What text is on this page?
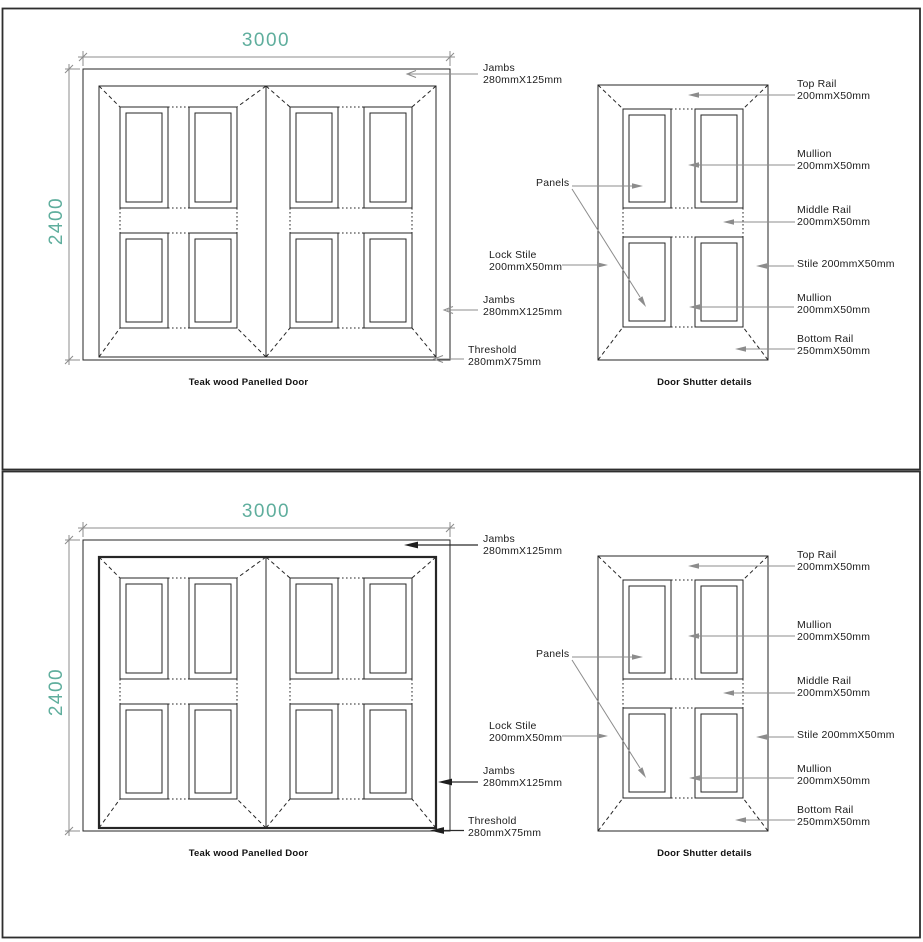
3000
2400
Jambs
280mmX125mm
Jambs
280mmX125mm
Threshold
280mmX75mm
Top Rail
200mmX50mm
Mullion
200mmX50mm
Middle Rail
200mmX50mm
Stile 200mmX50mm
Mullion
200mmX50mm
Bottom Rail
250mmX50mm
Panels
Lock Stile
200mmX50mm
Teak wood Panelled Door	Door Shutter details
3000
2400
Jambs
280mmX125mm
Jambs
280mmX125mm
Threshold
280mmX75mm
Top Rail
200mmX50mm
Mullion
200mmX50mm
Middle Rail
200mmX50mm
Stile 200mmX50mm
Mullion
200mmX50mm
Bottom Rail
250mmX50mm
Panels
Lock Stile
200mmX50mm
Teak wood Panelled Door	Door Shutter details
